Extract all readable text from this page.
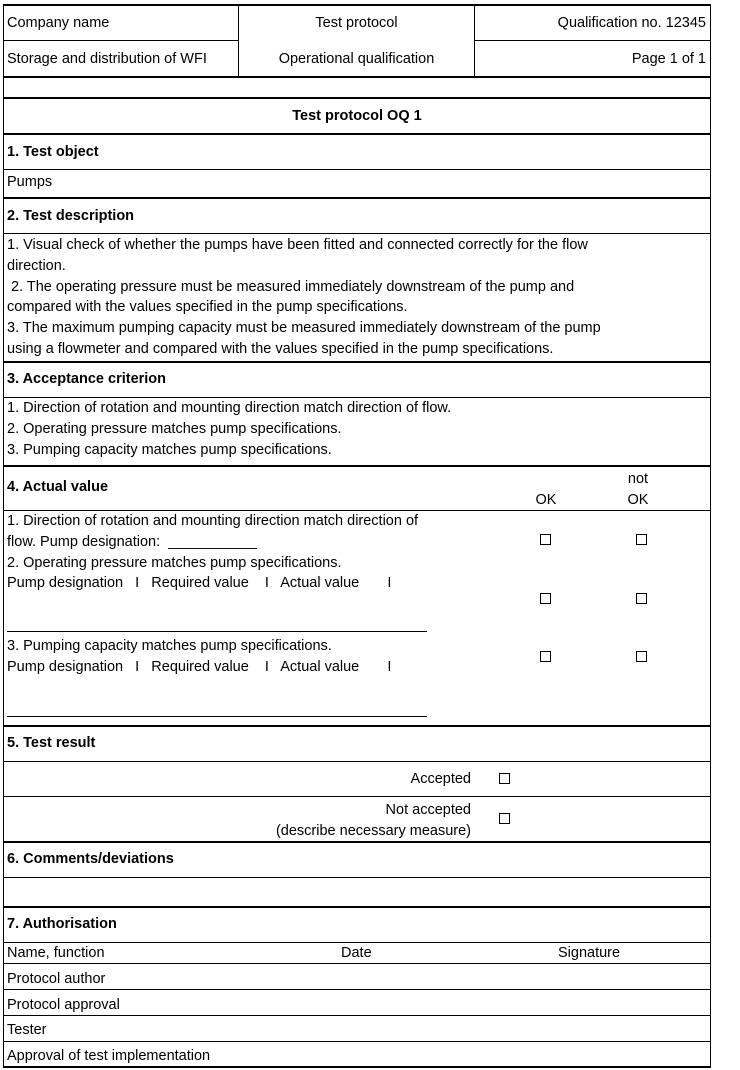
Company name
Storage and distribution of WFI
Test protocol
Operational qualification
Qualification no. 12345
Page 1 of 1
Test protocol OQ 1
1. Test object
Pumps
2. Test description
1. Visual check of whether the pumps have been fitted and connected correctly for the flow
direction.
2. The operating pressure must be measured immediately downstream of the pump and
compared with the values specified in the pump specifications.
3. The maximum pumping capacity must be measured immediately downstream of the pump
using a flowmeter and compared with the values specified in the pump specifications.
3. Acceptance criterion
1. Direction of rotation and mounting direction match direction of flow.
2. Operating pressure matches pump specifications.
3. Pumping capacity matches pump specifications.
4. Actual value
OK
not
OK
1. Direction of rotation and mounting direction match direction of
flow. Pump designation:  ___________
2. Operating pressure matches pump specifications.
Pump designation   I   Required value    I   Actual value       I
3. Pumping capacity matches pump specifications.
Pump designation   I   Required value    I   Actual value       I
5. Test result
Accepted
Not accepted
(describe necessary measure)
6. Comments/deviations
7. Authorisation
Name, function	Date	Signature
Protocol author
Protocol approval
Tester
Approval of test implementation
